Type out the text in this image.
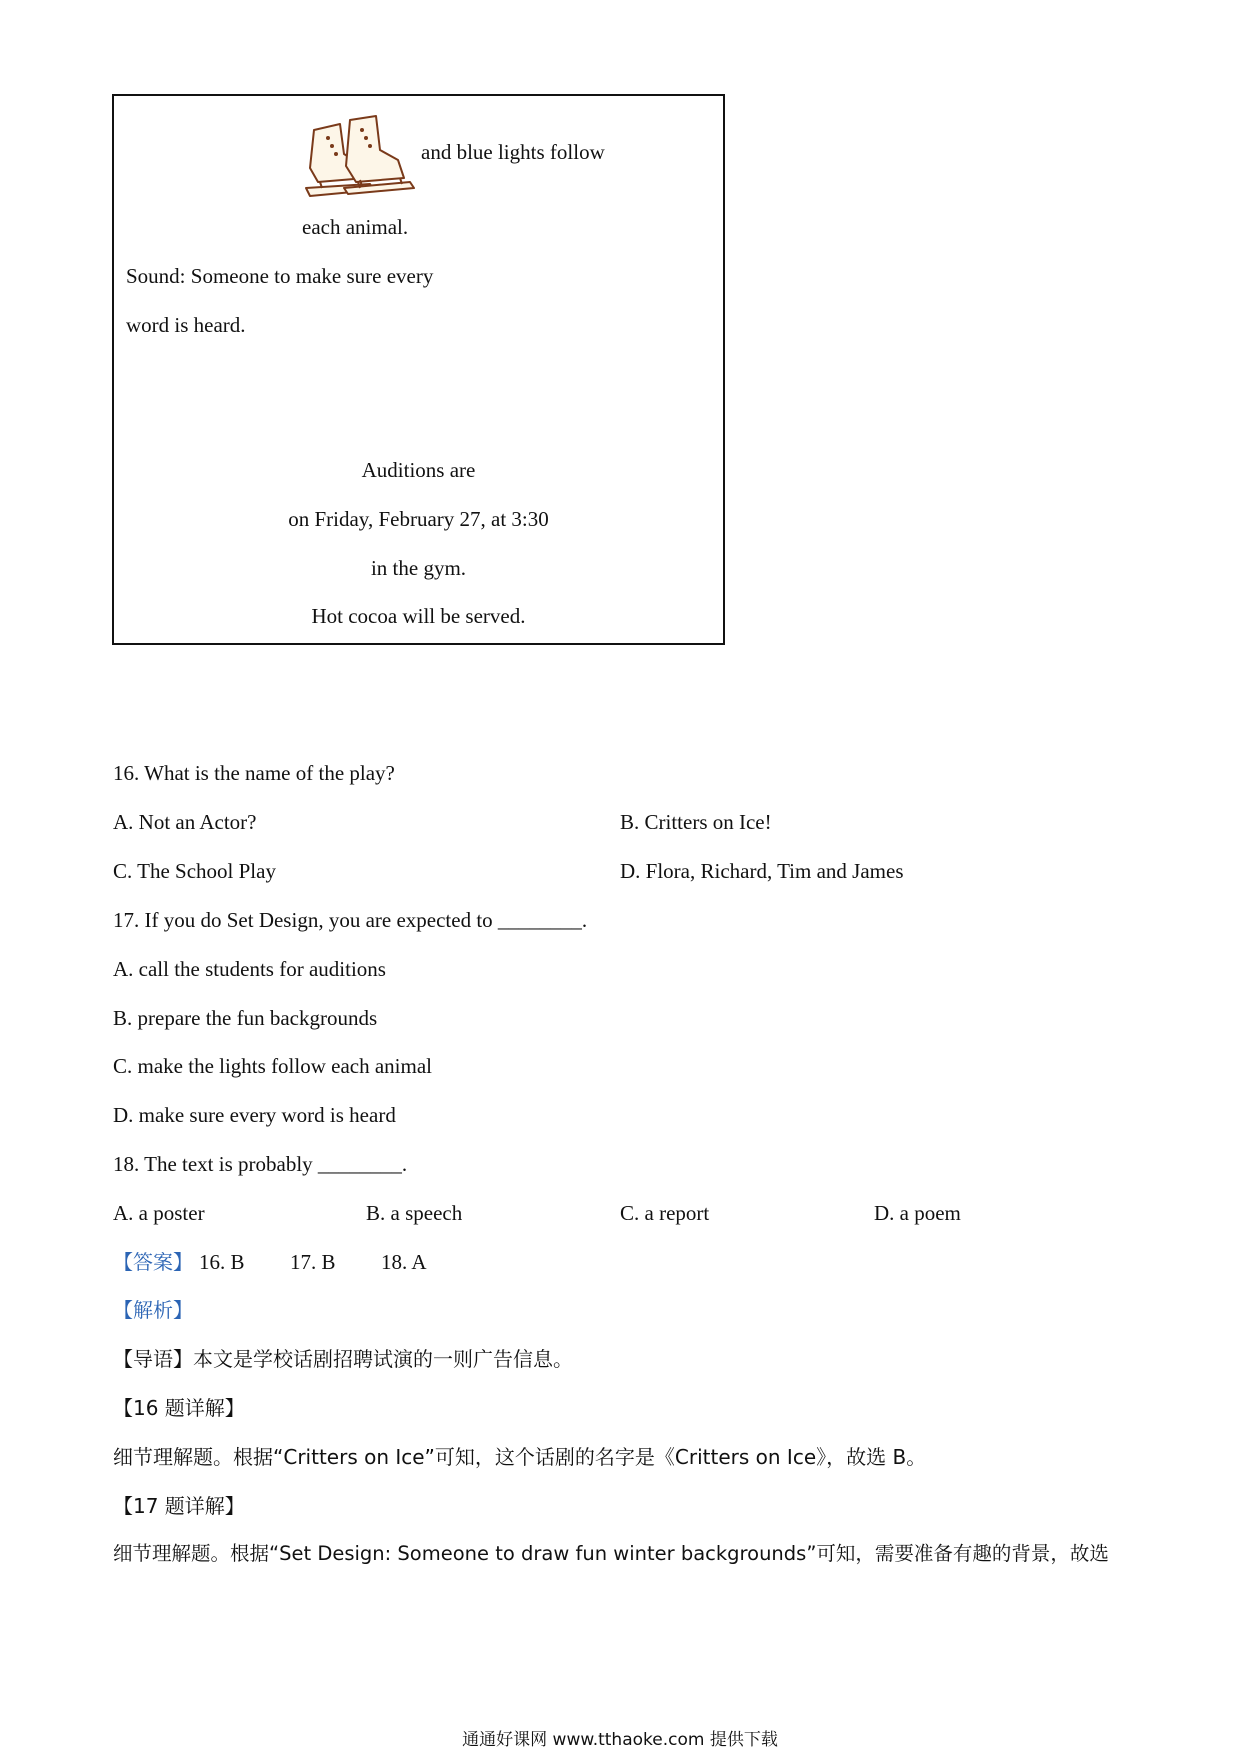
and blue lights follow
each animal.
Sound: Someone to make sure every
word is heard.
Auditions are
on Friday, February 27, at 3:30
in the gym.
Hot cocoa will be served.
16. What is the name of the play?
A. Not an Actor?	B. Critters on Ice!
C. The School Play	D. Flora, Richard, Tim and James
17. If you do Set Design, you are expected to ________.
A. call the students for auditions
B. prepare the fun backgrounds
C. make the lights follow each animal
D. make sure every word is heard
18. The text is probably ________.
A. a poster	B. a speech	C. a report	D. a poem
【答案】 16. B 17. B 18. A
【解析】
【导语】本文是学校话剧招聘试演的一则广告信息。
【16 题详解】
细节理解题。根据“Critters on Ice”可知，这个话剧的名字是《Critters on Ice》，故选 B。
【17 题详解】
细节理解题。根据“Set Design: Someone to draw fun winter backgrounds”可知，需要准备有趣的背景，故选
通通好课网 www.tthaoke.com 提供下载
